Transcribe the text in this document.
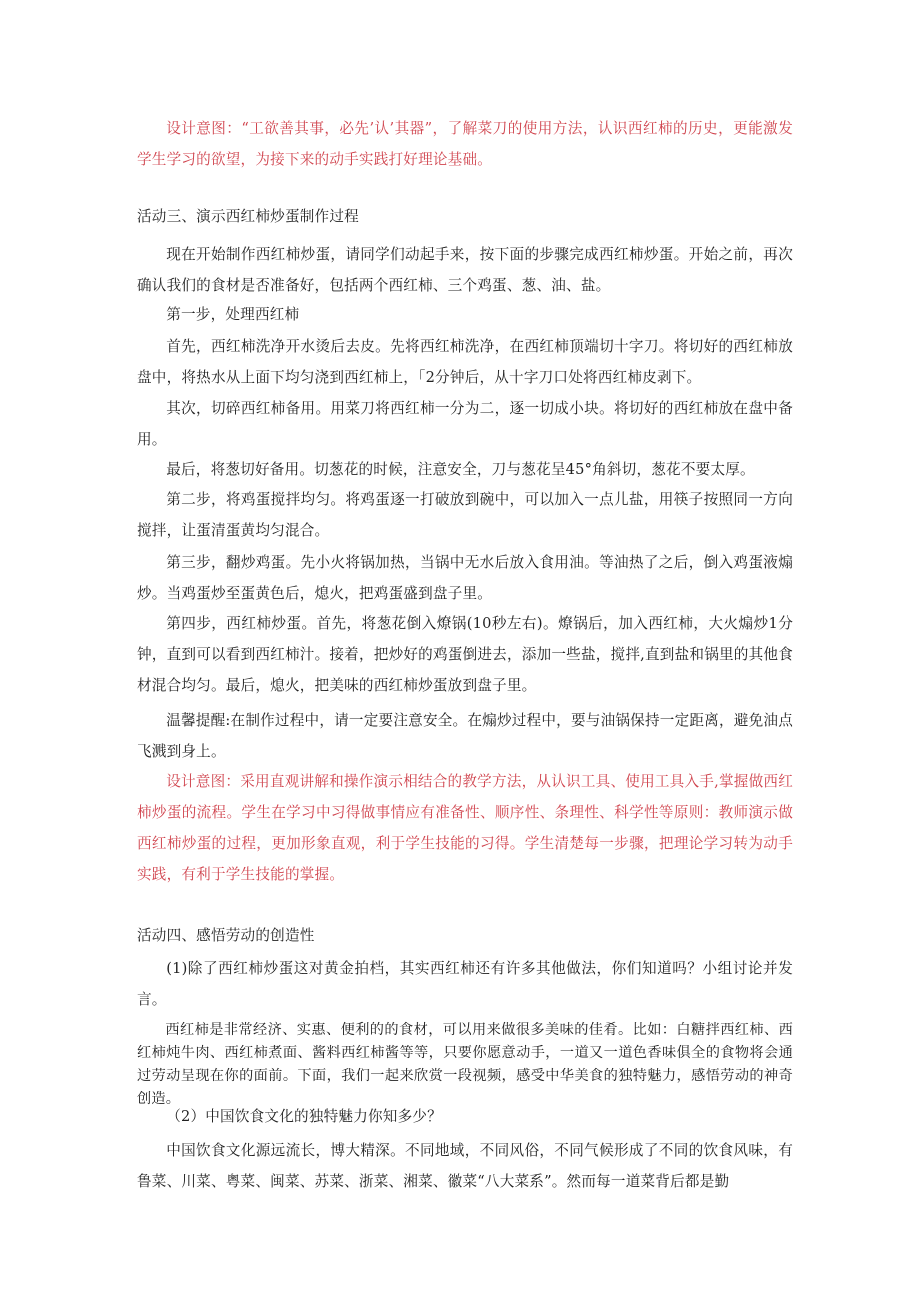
设计意图：“工欲善其事，必先’认’其器”，了解菜刀的使用方法，认识西红柿的历史，更能激发学生学习的欲望，为接下来的动手实践打好理论基础。
活动三、演示西红柿炒蛋制作过程
现在开始制作西红柿炒蛋，请同学们动起手来，按下面的步骤完成西红柿炒蛋。开始之前，再次确认我们的食材是否准备好，包括两个西红柿、三个鸡蛋、葱、油、盐。
第一步，处理西红柿
首先，西红柿洗净开水烫后去皮。先将西红柿洗净，在西红柿顶端切十字刀。将切好的西红柿放盘中，将热水从上面下均匀浇到西红柿上，「2分钟后，从十字刀口处将西红柿皮剥下。
其次，切碎西红柿备用。用菜刀将西红柿一分为二，逐一切成小块。将切好的西红柿放在盘中备用。
最后，将葱切好备用。切葱花的时候，注意安全，刀与葱花呈45°角斜切，葱花不要太厚。
第二步，将鸡蛋搅拌均匀。将鸡蛋逐一打破放到碗中，可以加入一点儿盐，用筷子按照同一方向搅拌，让蛋清蛋黄均匀混合。
第三步，翻炒鸡蛋。先小火将锅加热，当锅中无水后放入食用油。等油热了之后，倒入鸡蛋液煽炒。当鸡蛋炒至蛋黄色后，熄火，把鸡蛋盛到盘子里。
第四步，西红柿炒蛋。首先，将葱花倒入燎锅(10秒左右)。燎锅后，加入西红柿，大火煽炒1分钟，直到可以看到西红柿汁。接着，把炒好的鸡蛋倒进去，添加一些盐，搅拌,直到盐和锅里的其他食材混合均匀。最后，熄火，把美味的西红柿炒蛋放到盘子里。
温馨提醒:在制作过程中，请一定要注意安全。在煽炒过程中，要与油锅保持一定距离，避免油点飞溅到身上。
设计意图：采用直观讲解和操作演示相结合的教学方法，从认识工具、使用工具入手,掌握做西红柿炒蛋的流程。学生在学习中习得做事情应有准备性、顺序性、条理性、科学性等原则：教师演示做西红柿炒蛋的过程，更加形象直观，利于学生技能的习得。学生清楚每一步骤，把理论学习转为动手实践，有利于学生技能的掌握。
活动四、感悟劳动的创造性
(1)除了西红柿炒蛋这对黄金拍档，其实西红柿还有许多其他做法，你们知道吗？小组讨论并发言。
西红柿是非常经济、实惠、便利的的食材，可以用来做很多美味的佳肴。比如：白糖拌西红柿、西红柿炖牛肉、西红柿煮面、酱料西红柿酱等等，只要你愿意动手，一道又一道色香味俱全的食物将会通过劳动呈现在你的面前。下面，我们一起来欣赏一段视频，感受中华美食的独特魅力，感悟劳动的神奇创造。
（2）中国饮食文化的独特魅力你知多少？
中国饮食文化源远流长，博大精深。不同地域，不同风俗，不同气候形成了不同的饮食风味，有鲁菜、川菜、粤菜、闽菜、苏菜、浙菜、湘菜、徽菜“八大菜系”。然而每一道菜背后都是勤
